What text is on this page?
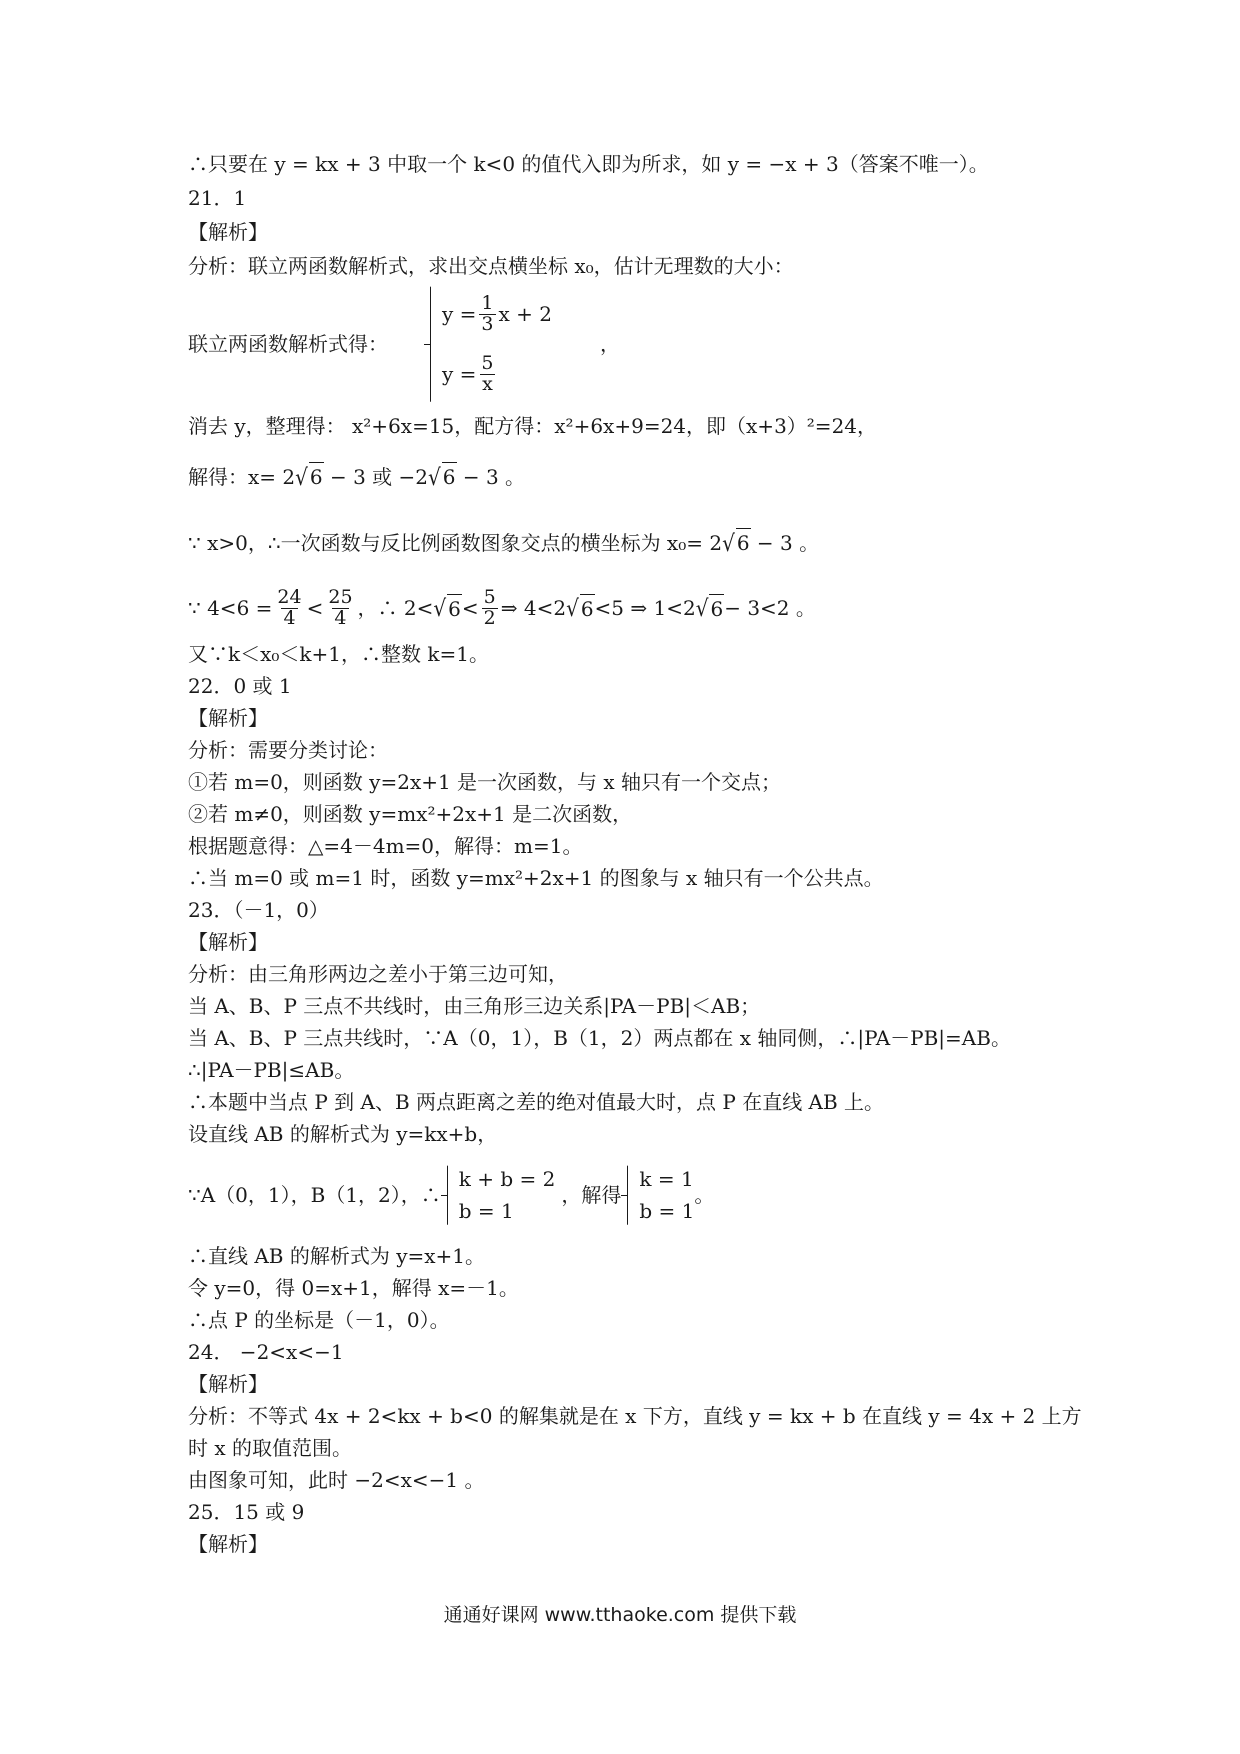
∴只要在 y = kx + 3 中取一个 k<0 的值代入即为所求，如 y = −x + 3（答案不唯一）。
21．1
【解析】
分析：联立两函数解析式，求出交点横坐标 x₀，估计无理数的大小：
联立两函数解析式得：
$y = \frac{1}{3}$ x + 2
$y = \frac{5}{x}$
，
消去 y，整理得： x²+6x=15，配方得：x²+6x+9=24，即（x+3）²=24，
解得：x= 2√ 6 − 3 或 −2√ 6 − 3 。
∵ x>0，∴一次函数与反比例函数图象交点的横坐标为 x₀= 2√ 6 − 3 。
∵ $4<6 = \frac{24}{4} < \frac{25}{4}$ ，∴ 2< √ $6 < \frac{5}{2}$ ⇒ 4<2 √ 6 <5 ⇒ 1<2 √ 6 − 3<2 。
又∵k＜x₀＜k+1，∴整数 k=1。
22．0 或 1
【解析】
分析：需要分类讨论：
①若 m=0，则函数 y=2x+1 是一次函数，与 x 轴只有一个交点；
②若 m≠0，则函数 y=mx²+2x+1 是二次函数，
根据题意得：△=4－4m=0，解得：m=1。
∴当 m=0 或 m=1 时，函数 y=mx²+2x+1 的图象与 x 轴只有一个公共点。
23．（－1，0）
【解析】
分析：由三角形两边之差小于第三边可知，
当 A、B、P 三点不共线时，由三角形三边关系|PA－PB|＜AB；
当 A、B、P 三点共线时，∵A（0，1），B（1，2）两点都在 x 轴同侧，∴|PA－PB|=AB。
∴|PA－PB|≤AB。
∴本题中当点 P 到 A、B 两点距离之差的绝对值最大时，点 P 在直线 AB 上。
设直线 AB 的解析式为 y=kx+b，
∵A（0，1），B（1，2），∴
k + b = 2
b = 1
，解得
k = 1
b = 1
。
∴直线 AB 的解析式为 y=x+1。
令 y=0，得 0=x+1，解得 x=－1。
∴点 P 的坐标是（－1，0）。
24． −2<x<−1
【解析】
分析：不等式 4x + 2<kx + b<0 的解集就是在 x 下方，直线 y = kx + b 在直线 y = 4x + 2 上方
时 x 的取值范围。
由图象可知，此时 −2<x<−1 。
25．15 或 9
【解析】
通通好课网 www.tthaoke.com 提供下载
